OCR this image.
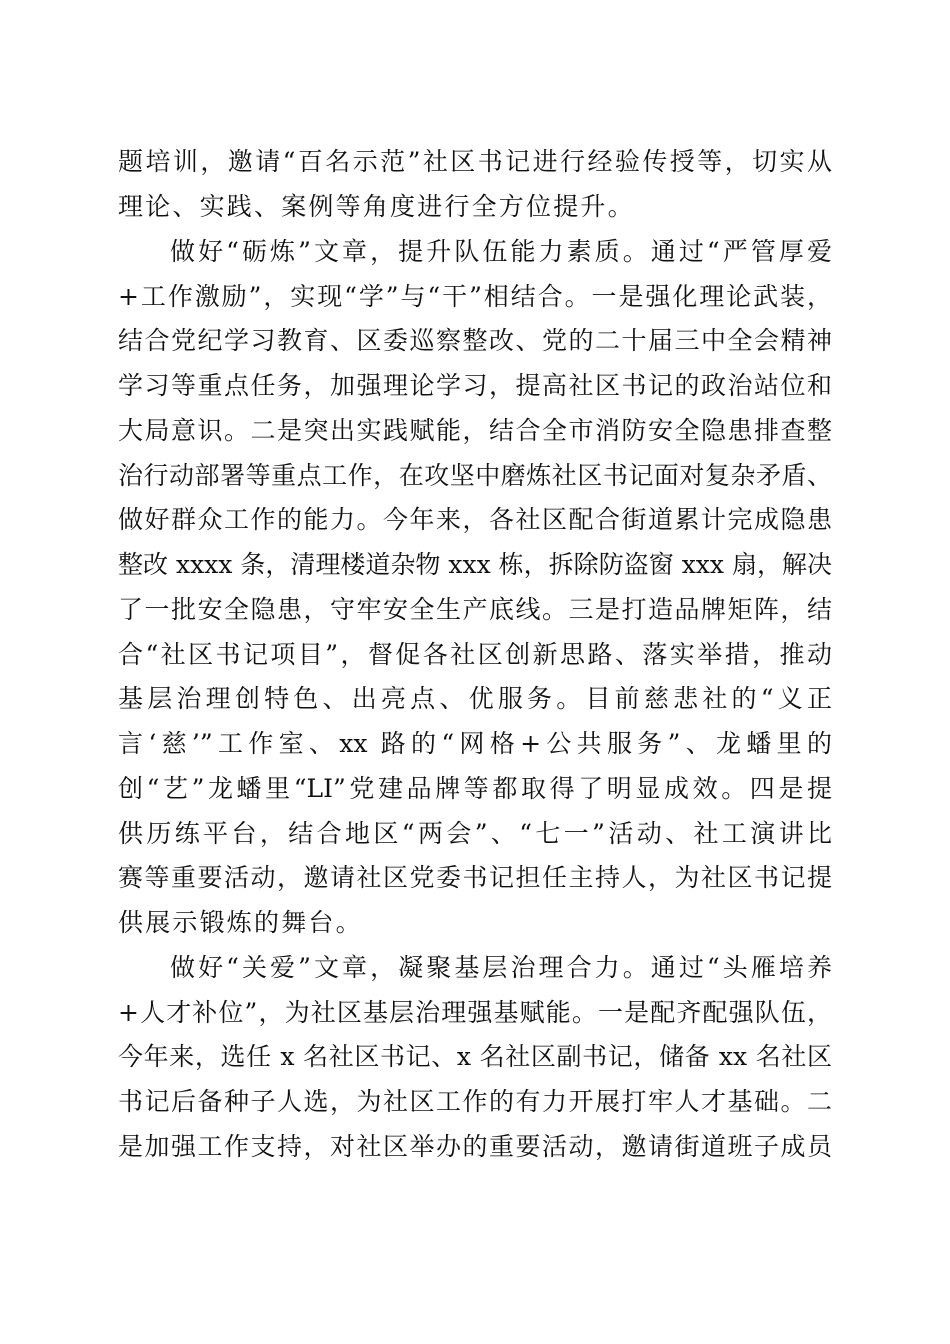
题培训，邀请“百名示范”社区书记进行经验传授等，切实从
理论、实践、案例等角度进行全方位提升。
做好“砺炼”文章，提升队伍能力素质。通过“严管厚爱
+工作激励”，实现“学”与“干”相结合。一是强化理论武装，
结合党纪学习教育、区委巡察整改、党的二十届三中全会精神
学习等重点任务，加强理论学习，提高社区书记的政治站位和
大局意识。二是突出实践赋能，结合全市消防安全隐患排查整
治行动部署等重点工作，在攻坚中磨炼社区书记面对复杂矛盾、
做好群众工作的能力。今年来，各社区配合街道累计完成隐患
整改 xxxx 条，清理楼道杂物 xxx 栋，拆除防盗窗 xxx 扇，解决
了一批安全隐患，守牢安全生产底线。三是打造品牌矩阵，结
合“社区书记项目”，督促各社区创新思路、落实举措，推动
基层治理创特色、出亮点、优服务。目前慈悲社的“义正
言‘慈’”工作室、xx 路的“网格+公共服务”、龙蟠里的
创“艺”龙蟠里“LI”党建品牌等都取得了明显成效。四是提
供历练平台，结合地区“两会”、“七一”活动、社工演讲比
赛等重要活动，邀请社区党委书记担任主持人，为社区书记提
供展示锻炼的舞台。
做好“关爱”文章，凝聚基层治理合力。通过“头雁培养
+人才补位”，为社区基层治理强基赋能。一是配齐配强队伍，
今年来，选任 x 名社区书记、x 名社区副书记，储备 xx 名社区
书记后备种子人选，为社区工作的有力开展打牢人才基础。二
是加强工作支持，对社区举办的重要活动，邀请街道班子成员
